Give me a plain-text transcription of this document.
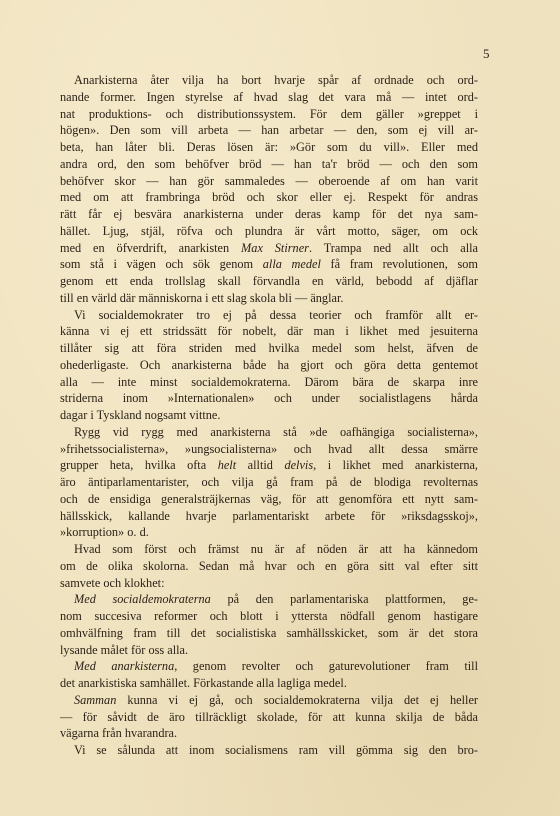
5
Anarkisterna åter vilja ha bort hvarje spår af ordnade och ord-
nande former. Ingen styrelse af hvad slag det vara må — intet ord-
nat produktions- och distributionssystem. För dem gäller »greppet i
högen». Den som vill arbeta — han arbetar — den, som ej vill ar-
beta, han låter bli. Deras lösen är: »Gör som du vill». Eller med
andra ord, den som behöfver bröd — han ta'r bröd — och den som
behöfver skor — han gör sammaledes — oberoende af om han varit
med om att frambringa bröd och skor eller ej. Respekt för andras
rätt får ej besvära anarkisterna under deras kamp för det nya sam-
hället. Ljug, stjäl, röfva och plundra är vårt motto, säger, om ock
med en öfverdrift, anarkisten Max Stirner. Trampa ned allt och alla
som stå i vägen och sök genom alla medel få fram revolutionen, som
genom ett enda trollslag skall förvandla en värld, bebodd af djäflar
till en värld där människorna i ett slag skola bli — änglar.
Vi socialdemokrater tro ej på dessa teorier och framför allt er-
känna vi ej ett stridssätt för nobelt, där man i likhet med jesuiterna
tillåter sig att föra striden med hvilka medel som helst, äfven de
ohederligaste. Och anarkisterna både ha gjort och göra detta gentemot
alla — inte minst socialdemokraterna. Därom bära de skarpa inre
striderna inom »Internationalen» och under socialistlagens hårda
dagar i Tyskland nogsamt vittne.
Rygg vid rygg med anarkisterna stå »de oafhängiga socialisterna»,
»frihetssocialisterna», »ungsocialisterna» och hvad allt dessa smärre
grupper heta, hvilka ofta helt alltid delvis, i likhet med anarkisterna,
äro äntiparlamentarister, och vilja gå fram på de blodiga revolternas
och de ensidiga generalsträjkernas väg, för att genomföra ett nytt sam-
hällsskick, kallande hvarje parlamentariskt arbete för »riksdagsskoj»,
»korruption» o. d.
Hvad som först och främst nu är af nöden är att ha kännedom
om de olika skolorna. Sedan må hvar och en göra sitt val efter sitt
samvete och klokhet:
Med socialdemokraterna på den parlamentariska plattformen, ge-
nom succesiva reformer och blott i yttersta nödfall genom hastigare
omhvälfning fram till det socialistiska samhällsskicket, som är det stora
lysande målet för oss alla.
Med anarkisterna, genom revolter och gaturevolutioner fram till
det anarkistiska samhället. Förkastande alla lagliga medel.
Samman kunna vi ej gå, och socialdemokraterna vilja det ej heller
— för såvidt de äro tillräckligt skolade, för att kunna skilja de båda
vägarna från hvarandra.
Vi se sålunda att inom socialismens ram vill gömma sig den bro-
